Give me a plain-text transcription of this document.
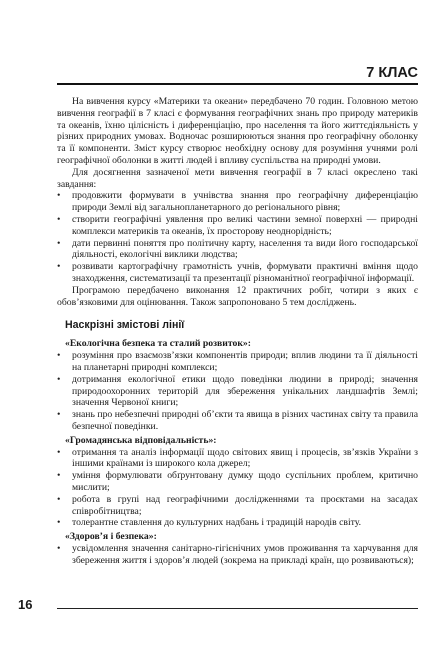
7 КЛАС

На вивчення курсу «Материки та океани» передбачено 70 годин. Головною метою вивчення географії в 7 класі є формування географічних знань про природу материків та океанів, їхню цілісність і диференціацію, про населення та його життєдіяльність у різних природних умовах. Водночас розширюються знання про географічну оболонку та її компоненти. Зміст курсу створює необхідну основу для розуміння учнями ролі географічної оболонки в житті людей і впливу суспільства на природні умови.

Для досягнення зазначеної мети вивчення географії в 7 класі окреслено такі завдання:

• продовжити формувати в учнівства знання про географічну диференціацію природи Землі від загальнопланетарного до регіонального рівня;
• створити географічні уявлення про великі частини земної поверхні — природні комплекси материків та океанів, їх просторову неоднорідність;
• дати первинні поняття про політичну карту, населення та види його господарської діяльності, екологічні виклики людства;
• розвивати картографічну грамотність учнів, формувати практичні вміння щодо знаходження, систематизації та презентації різноманітної географічної інформації.

Програмою передбачено виконання 12 практичних робіт, чотири з яких є обов’язковими для оцінювання. Також запропоновано 5 тем досліджень.

Наскрізні змістові лінії
«Екологічна безпека та сталий розвиток»:
• розуміння про взаємозв’язки компонентів природи; вплив людини та її діяльності на планетарні природні комплекси;
• дотримання екологічної етики щодо поведінки людини в природі; значення природоохоронних територій для збереження унікальних ландшафтів Землі; значення Червоної книги;
• знань про небезпечні природні об’єкти та явища в різних частинах світу та правила безпечної поведінки.
«Громадянська відповідальність»:
• отримання та аналіз інформації щодо світових явищ і процесів, зв’язків України з іншими країнами із широкого кола джерел;
• уміння формулювати обґрунтовану думку щодо суспільних проблем, критично мислити;
• робота в групі над географічними дослідженнями та проєктами на засадах співробітництва;
• толерантне ставлення до культурних надбань і традицій народів світу.
«Здоров’я і безпека»:
• усвідомлення значення санітарно-гігієнічних умов проживання та харчування для збереження життя і здоров’я людей (зокрема на прикладі країн, що розвиваються);
16
